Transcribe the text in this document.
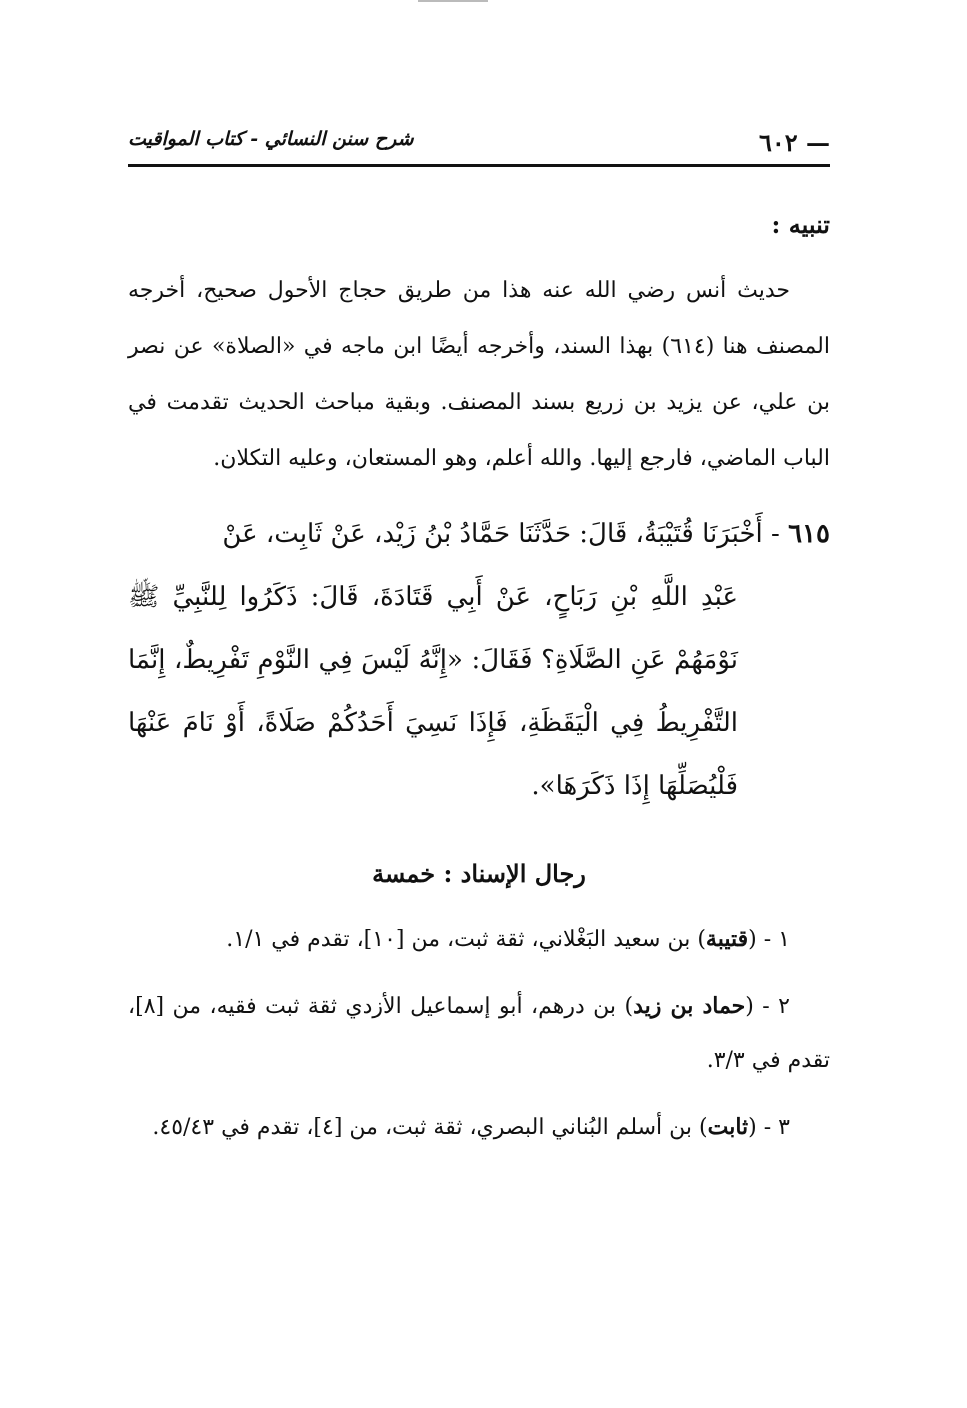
شرح سنن النسائي - كتاب المواقيت	٦٠٢ —
تنبيه :

حديث أنس رضي الله عنه هذا من طريق حجاج الأحول صحيح، أخرجه المصنف هنا (٦١٤) بهذا السند، وأخرجه أيضًا ابن ماجه في «الصلاة» عن نصر بن علي، عن يزيد بن زريع بسند المصنف. وبقية مباحث الحديث تقدمت في الباب الماضي، فارجع إليها. والله أعلم، وهو المستعان، وعليه التكلان.

٦١٥ - أَخْبَرَنَا قُتَيْبَةُ، قَالَ: حَدَّثَنَا حَمَّادُ بْنُ زَيْد، عَنْ ثَابِت، عَنْ
عَبْدِ اللَّهِ بْنِ رَبَاحٍ، عَنْ أَبِي قَتَادَةَ، قَالَ: ذَكَرُوا لِلنَّبِيِّ ﷺ نَوْمَهُمْ عَنِ الصَّلَاةِ؟ فَقَالَ: «إِنَّهُ لَيْسَ فِي النَّوْمِ تَفْرِيطٌ، إِنَّمَا التَّفْرِيطُ فِي الْيَقَظَةِ، فَإِذَا نَسِيَ أَحَدُكُمْ صَلَاةً، أَوْ نَامَ عَنْهَا فَلْيُصَلِّهَا إِذَا ذَكَرَهَا».
رجال الإسناد : خمسة

١ - (قتيبة) بن سعيد البَغْلاني، ثقة ثبت، من [١٠]، تقدم في ١/١.

٢ - (حماد بن زيد) بن درهم، أبو إسماعيل الأزدي ثقة ثبت فقيه، من [٨]، تقدم في ٣/٣.

٣ - (ثابت) بن أسلم البُناني البصري، ثقة ثبت، من [٤]، تقدم في ٤٥/٤٣.
